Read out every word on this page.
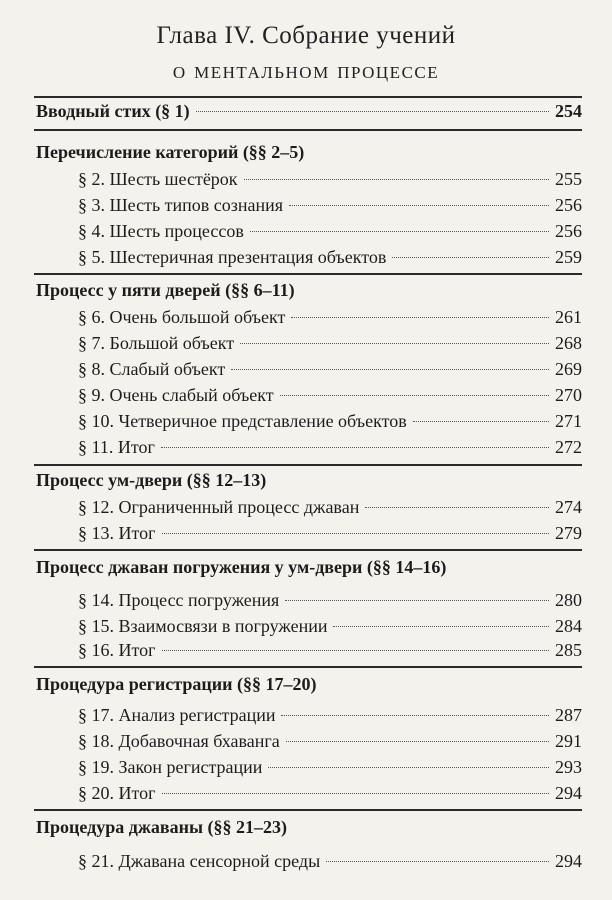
Глава IV. Собрание учений
о ментальном процессе
Вводный стих (§ 1)	254
Перечисление категорий (§§ 2–5)
§ 2. Шесть шестёрок	255
§ 3. Шесть типов сознания	256
§ 4. Шесть процессов	256
§ 5. Шестеричная презентация объектов	259
Процесс у пяти дверей (§§ 6–11)
§ 6. Очень большой объект	261
§ 7. Большой объект	268
§ 8. Слабый объект	269
§ 9. Очень слабый объект	270
§ 10. Четверичное представление объектов	271
§ 11. Итог	272
Процесс ум-двери (§§ 12–13)
§ 12. Ограниченный процесс джаван	274
§ 13. Итог	279
Процесс джаван погружения у ум-двери (§§ 14–16)
§ 14. Процесс погружения	280
§ 15. Взаимосвязи в погружении	284
§ 16. Итог	285
Процедура регистрации (§§ 17–20)
§ 17. Анализ регистрации	287
§ 18. Добавочная бхаванга	291
§ 19. Закон регистрации	293
§ 20. Итог	294
Процедура джаваны (§§ 21–23)
§ 21. Джавана сенсорной среды	294
